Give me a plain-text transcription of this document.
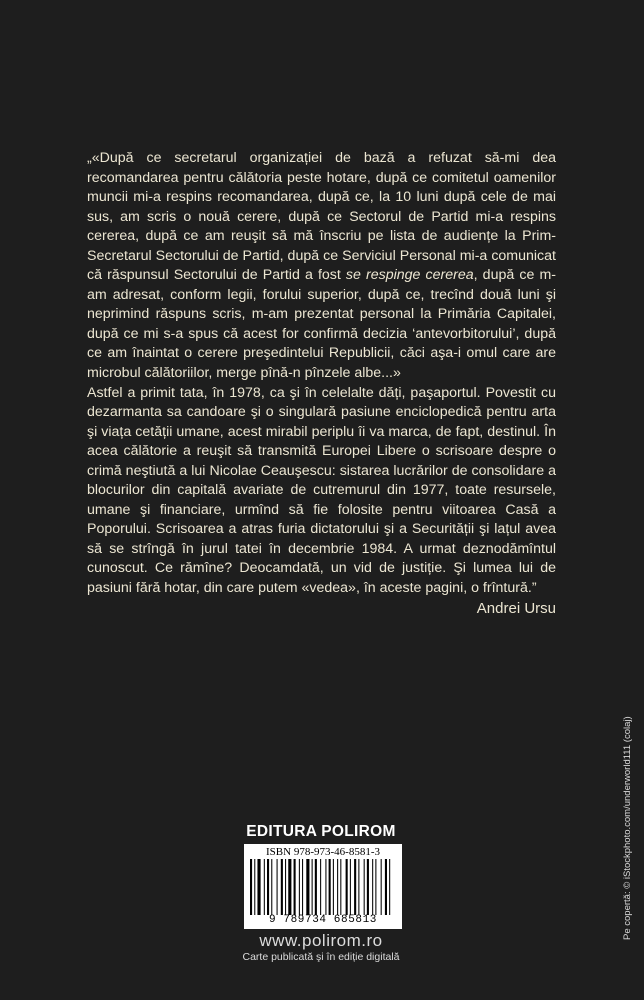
„«După ce secretarul organizației de bază a refuzat să-mi dea recomandarea pentru călătoria peste hotare, după ce comitetul oamenilor muncii mi-a respins recomandarea, după ce, la 10 luni după cele de mai sus, am scris o nouă cerere, după ce Sectorul de Partid mi-a respins cererea, după ce am reuşit să mă înscriu pe lista de audiențe la Prim-Secretarul Sectorului de Partid, după ce Serviciul Personal mi-a comunicat că răspunsul Sectorului de Partid a fost se respinge cererea, după ce m-am adresat, conform legii, forului superior, după ce, trecînd două luni şi neprimind răspuns scris, m-am prezentat personal la Primăria Capitalei, după ce mi s-a spus că acest for confirmă decizia ‘antevorbitorului’, după ce am înaintat o cerere preşedintelui Republicii, căci aşa-i omul care are microbul călătoriilor, merge pînă-n pînzele albe...»

Astfel a primit tata, în 1978, ca şi în celelalte dăți, paşaportul. Povestit cu dezarmanta sa candoare şi o singulară pasiune enciclopedică pentru arta şi viața cetății umane, acest mirabil periplu îi va marca, de fapt, destinul. În acea călătorie a reuşit să transmită Europei Libere o scrisoare despre o crimă neştiută a lui Nicolae Ceauşescu: sistarea lucrărilor de consolidare a blocurilor din capitală avariate de cutremurul din 1977, toate resursele, umane şi financiare, urmînd să fie folosite pentru viitoarea Casă a Poporului. Scrisoarea a atras furia dictatorului şi a Securității şi lațul avea să se strîngă în jurul tatei în decembrie 1984. A urmat deznodămîntul cunoscut. Ce rămîne? Deocamdată, un vid de justiție. Şi lumea lui de pasiuni fără hotar, din care putem «vedea», în aceste pagini, o frîntură.”

Andrei Ursu
EDITURA POLIROM
ISBN 978-973-46-8581-3
9 789734 685813
www.polirom.ro
Carte publicată şi în ediție digitală
Pe copertă: © iStockphoto.com/underworld111 (colaj)
